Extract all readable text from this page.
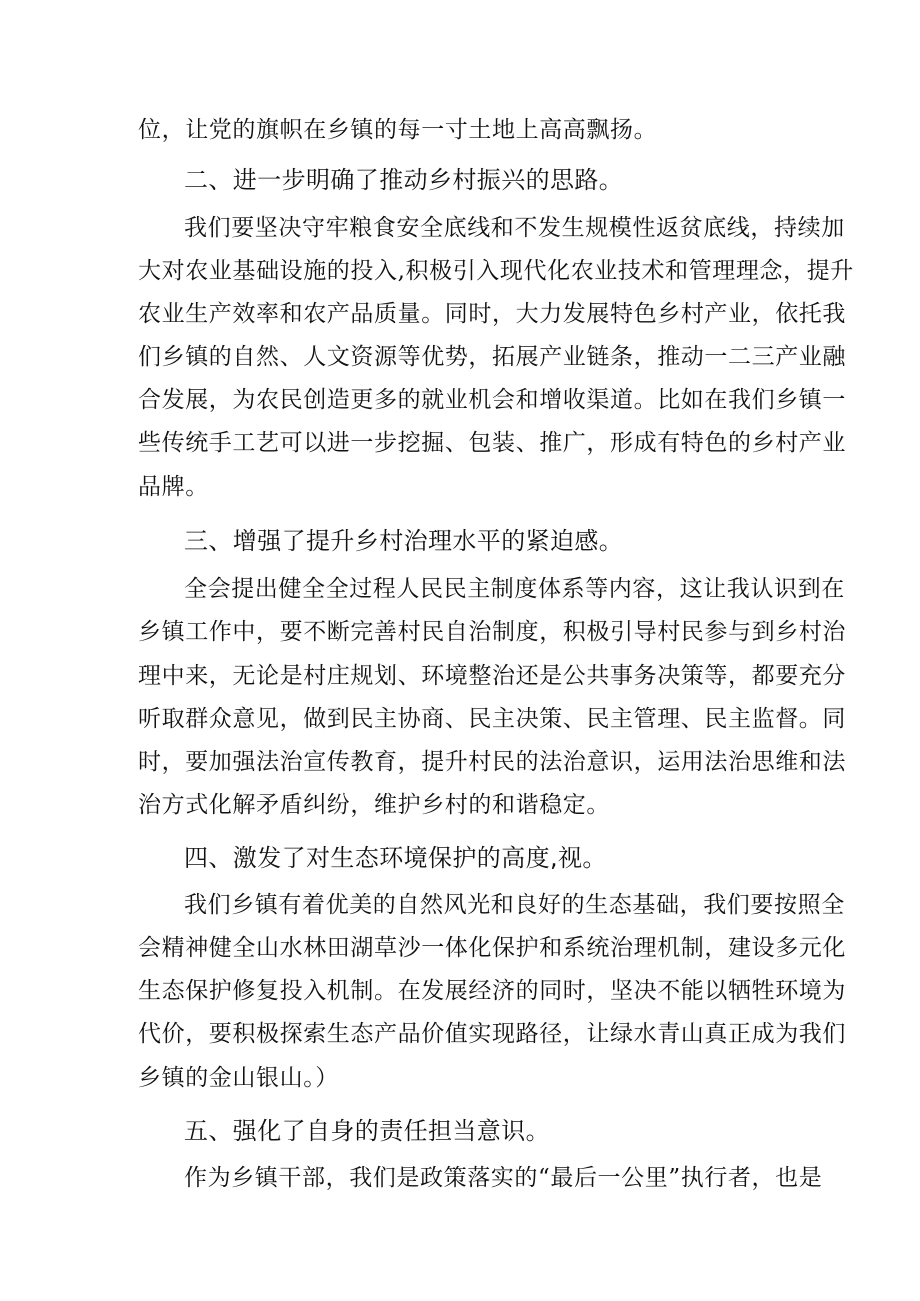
位，让党的旗帜在乡镇的每一寸土地上高高飘扬。
二、进一步明确了推动乡村振兴的思路。
我们要坚决守牢粮食安全底线和不发生规模性返贫底线，持续加
大对农业基础设施的投入,积极引入现代化农业技术和管理理念，提升
农业生产效率和农产品质量。同时，大力发展特色乡村产业，依托我
们乡镇的自然、人文资源等优势，拓展产业链条，推动一二三产业融
合发展，为农民创造更多的就业机会和增收渠道。比如在我们乡镇一
些传统手工艺可以进一步挖掘、包装、推广，形成有特色的乡村产业
品牌。
三、增强了提升乡村治理水平的紧迫感。
全会提出健全全过程人民民主制度体系等内容，这让我认识到在
乡镇工作中，要不断完善村民自治制度，积极引导村民参与到乡村治
理中来，无论是村庄规划、环境整治还是公共事务决策等，都要充分
听取群众意见，做到民主协商、民主决策、民主管理、民主监督。同
时，要加强法治宣传教育，提升村民的法治意识，运用法治思维和法
治方式化解矛盾纠纷，维护乡村的和谐稳定。
四、激发了对生态环境保护的高度,视。
我们乡镇有着优美的自然风光和良好的生态基础，我们要按照全
会精神健全山水林田湖草沙一体化保护和系统治理机制，建设多元化
生态保护修复投入机制。在发展经济的同时，坚决不能以牺牲环境为
代价，要积极探索生态产品价值实现路径，让绿水青山真正成为我们
乡镇的金山银山。）
五、强化了自身的责任担当意识。
作为乡镇干部，我们是政策落实的“最后一公里”执行者，也是
